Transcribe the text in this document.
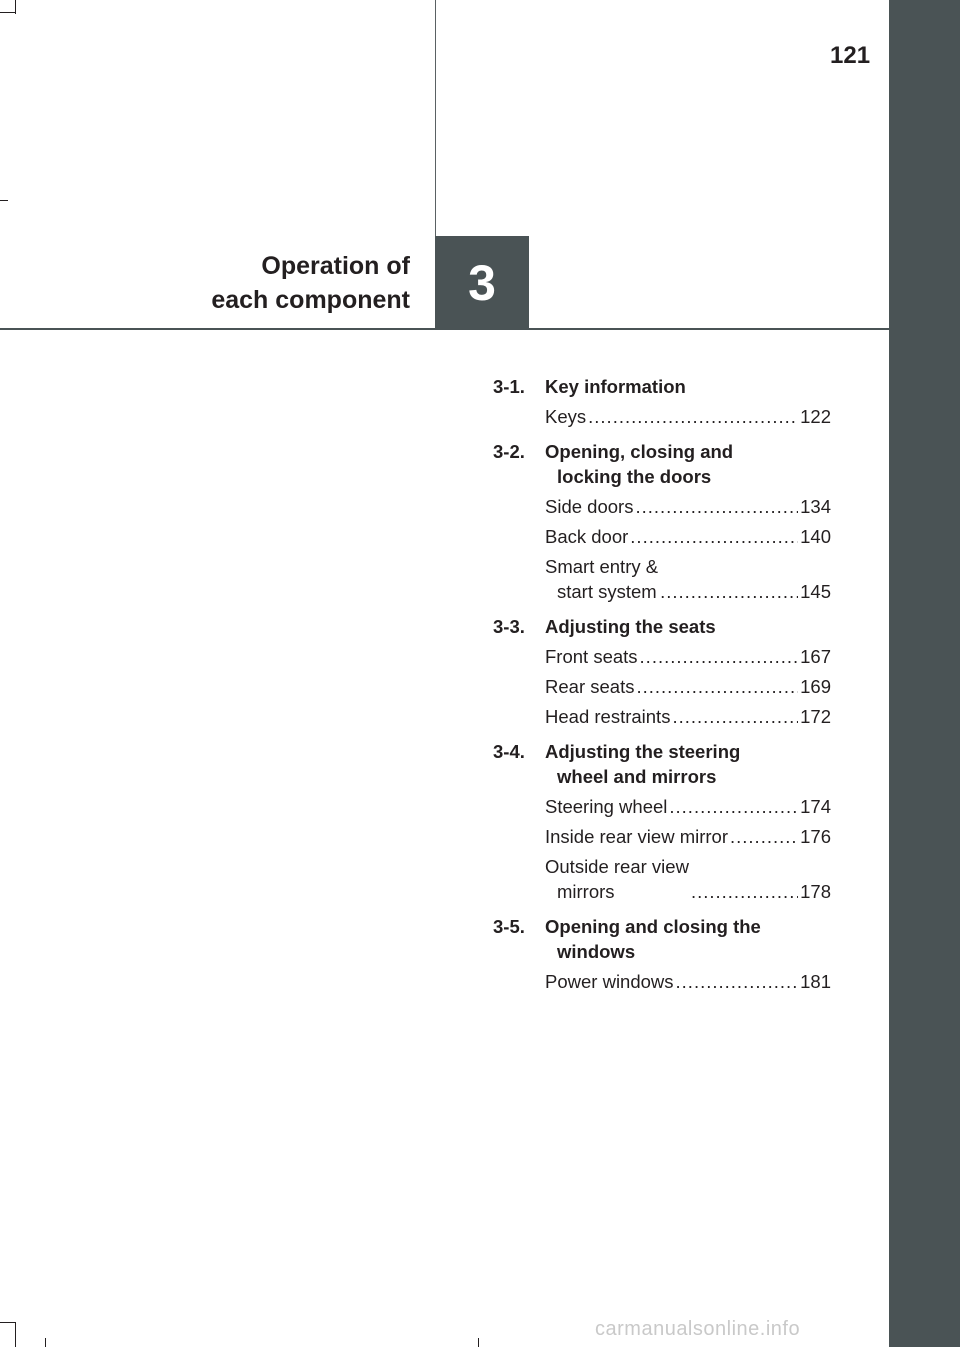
121
Operation of
each component 3
3-1.	Key information
Keys .....	122
3-2.	Opening, closing and
locking the doors
Side doors .....	134
Back door .....	140
Smart entry &
start system .....	145
3-3.	Adjusting the seats
Front seats .....	167
Rear seats .....	169
Head restraints .....	172
3-4.	Adjusting the steering
wheel and mirrors
Steering wheel .....	174
Inside rear view mirror .....	176
Outside rear view
mirrors .....	178
3-5.	Opening and closing the
windows
Power windows .....	181
carmanualsonline.info
